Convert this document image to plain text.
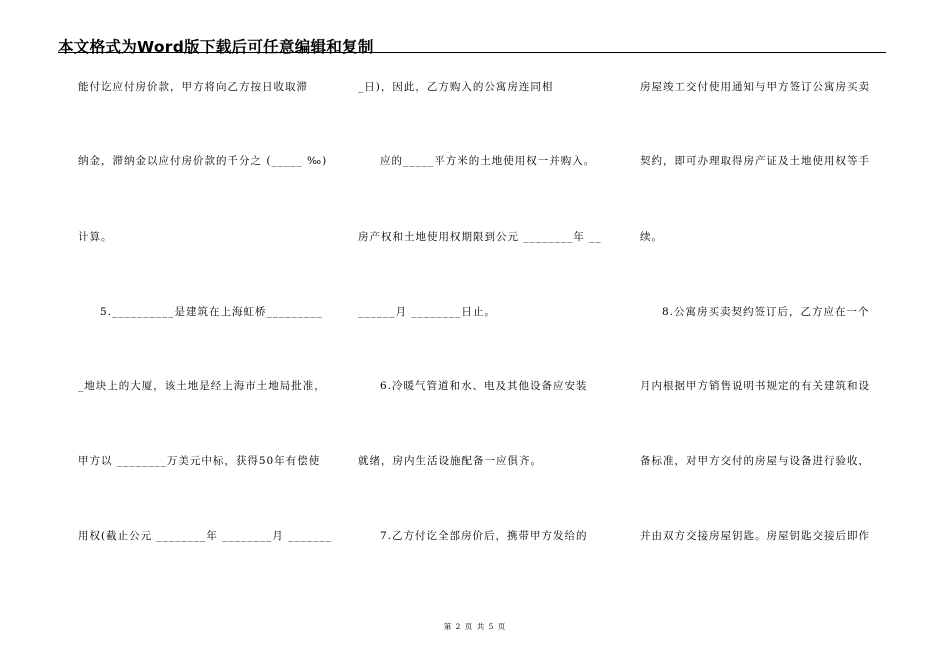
本文格式为Word版下载后可任意编辑和复制
能付讫应付房价款，甲方将向乙方按日收取滞
纳金，滞纳金以应付房价款的千分之 (_____ ‰)
计算。
5.__________是建筑在上海虹桥_________
_地块上的大厦，该土地是经上海市土地局批准，
甲方以 ________万美元中标，获得50年有偿使
用权(截止公元 ________年 ________月 _______
_日)，因此，乙方购入的公寓房连同相
应的_____平方米的土地使用权一并购入。
房产权和土地使用权期限到公元 ________年 __
______月 ________日止。
6.冷暖气管道和水、电及其他设备应安装
就绪，房内生活设施配备一应俱齐。
7.乙方付讫全部房价后，携带甲方发给的
房屋竣工交付使用通知与甲方签订公寓房买卖
契约，即可办理取得房产证及土地使用权等手
续。
8.公寓房买卖契约签订后，乙方应在一个
月内根据甲方销售说明书规定的有关建筑和设
备标准，对甲方交付的房屋与设备进行验收，
并由双方交接房屋钥匙。房屋钥匙交接后即作
第 2 页 共 5 页
